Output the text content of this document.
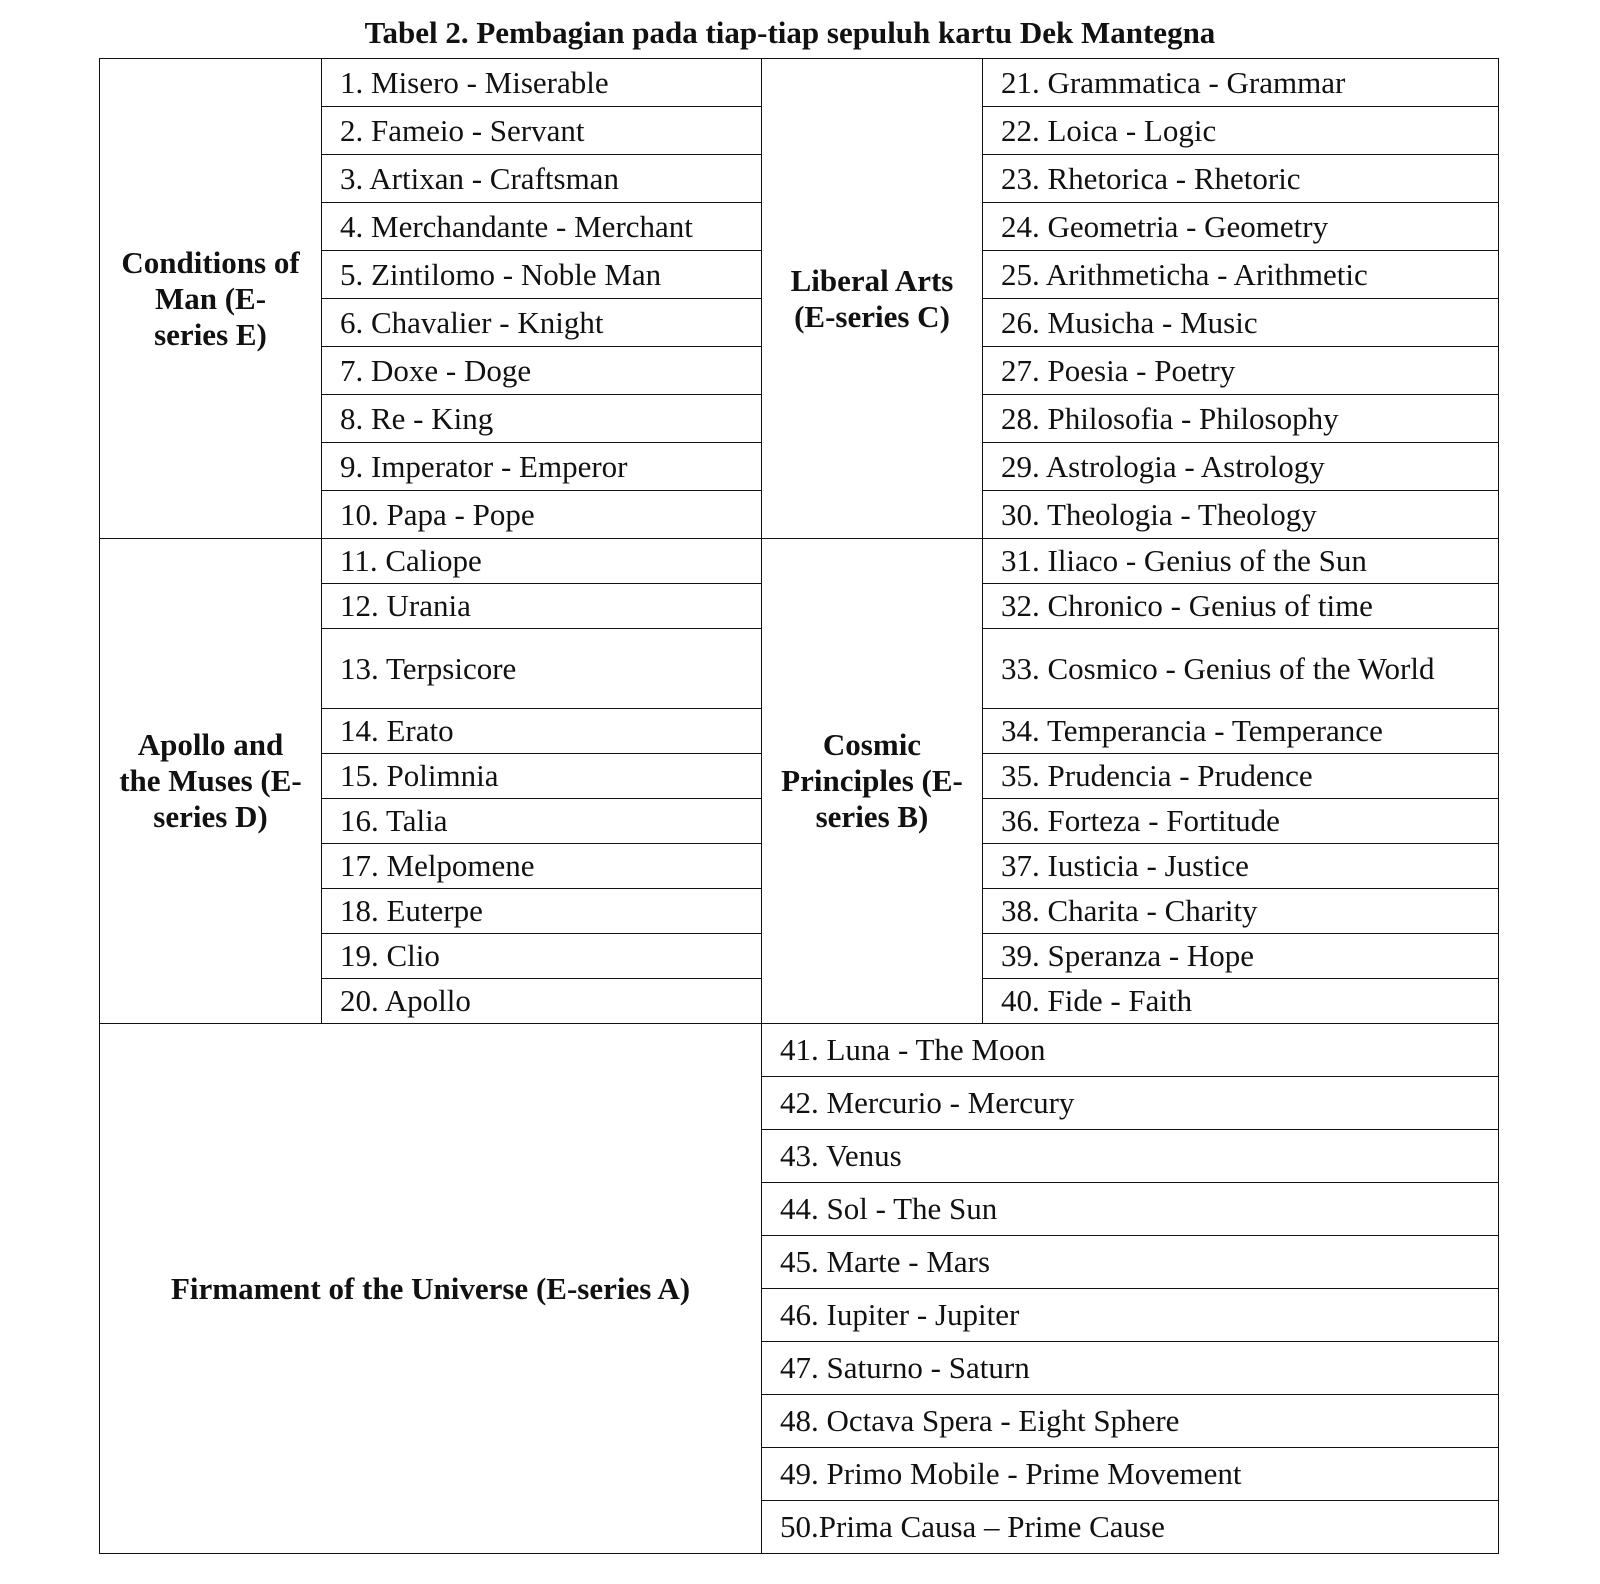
Tabel 2. Pembagian pada tiap-tiap sepuluh kartu Dek Mantegna
Conditions of Man (E-series E)	1. Misero - Miserable	Liberal Arts (E-series C)	21. Grammatica - Grammar
	2. Fameio - Servant		22. Loica - Logic
	3. Artixan - Craftsman		23. Rhetorica - Rhetoric
	4. Merchandante - Merchant		24. Geometria - Geometry
	5. Zintilomo - Noble Man		25. Arithmeticha - Arithmetic
	6. Chavalier - Knight		26. Musicha - Music
	7. Doxe - Doge		27. Poesia - Poetry
	8. Re - King		28. Philosofia - Philosophy
	9. Imperator - Emperor		29. Astrologia - Astrology
	10. Papa - Pope		30. Theologia - Theology
Apollo and the Muses (E-series D)	11. Caliope	Cosmic Principles (E-series B)	31. Iliaco - Genius of the Sun
	12. Urania		32. Chronico - Genius of time
	13. Terpsicore		33. Cosmico - Genius of the World
	14. Erato		34. Temperancia - Temperance
	15. Polimnia		35. Prudencia - Prudence
	16. Talia		36. Forteza - Fortitude
	17. Melpomene		37. Iusticia - Justice
	18. Euterpe		38. Charita - Charity
	19. Clio		39. Speranza - Hope
	20. Apollo		40. Fide - Faith
Firmament of the Universe (E-series A)		41. Luna - The Moon	
		42. Mercurio - Mercury	
		43. Venus	
		44. Sol - The Sun	
		45. Marte - Mars	
		46. Iupiter - Jupiter	
		47. Saturno - Saturn	
		48. Octava Spera - Eight Sphere	
		49. Primo Mobile - Prime Movement	
		50.Prima Causa – Prime Cause	
